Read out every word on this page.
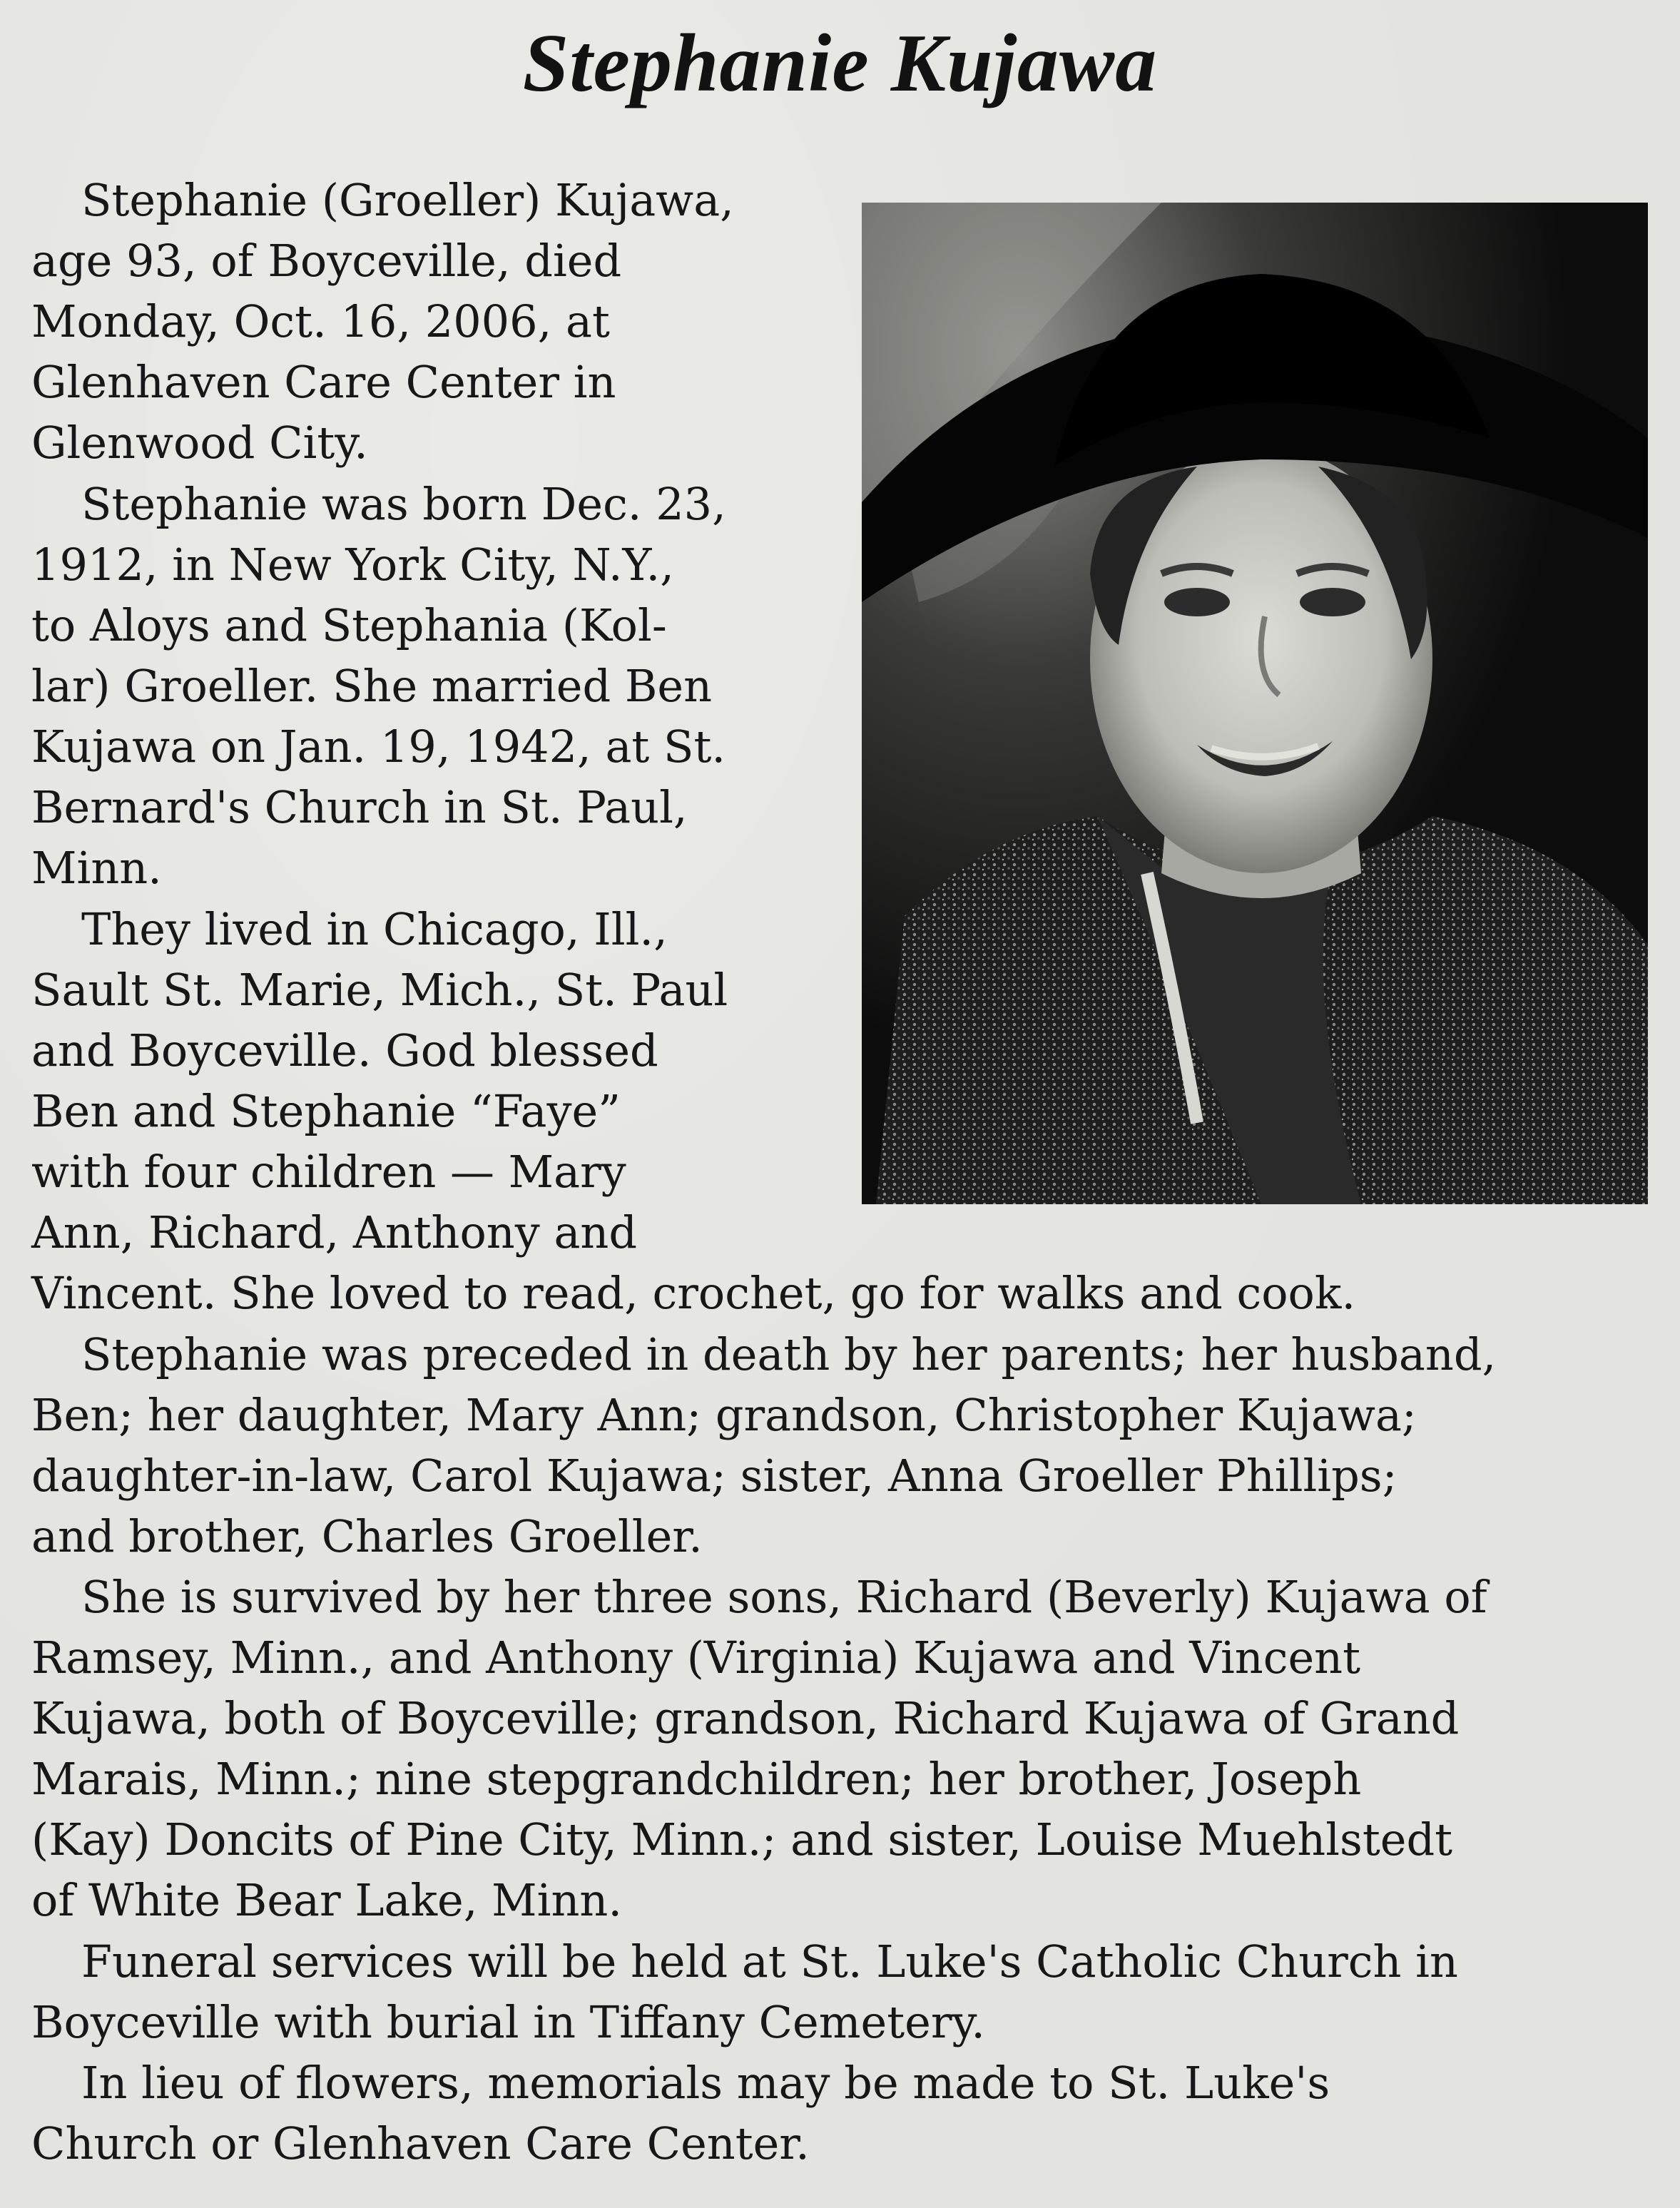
Stephanie Kujawa

Stephanie (Groeller) Kujawa,
age 93, of Boyceville, died
Monday, Oct. 16, 2006, at
Glenhaven Care Center in
Glenwood City.

Stephanie was born Dec. 23,
1912, in New York City, N.Y.,
to Aloys and Stephania (Kol-
lar) Groeller. She married Ben
Kujawa on Jan. 19, 1942, at St.
Bernard's Church in St. Paul,
Minn.

They lived in Chicago, Ill.,
Sault St. Marie, Mich., St. Paul
and Boyceville. God blessed
Ben and Stephanie “Faye”
with four children — Mary
Ann, Richard, Anthony and
Vincent. She loved to read, crochet, go for walks and cook.

Stephanie was preceded in death by her parents; her husband,
Ben; her daughter, Mary Ann; grandson, Christopher Kujawa;
daughter-in-law, Carol Kujawa; sister, Anna Groeller Phillips;
and brother, Charles Groeller.

She is survived by her three sons, Richard (Beverly) Kujawa of
Ramsey, Minn., and Anthony (Virginia) Kujawa and Vincent
Kujawa, both of Boyceville; grandson, Richard Kujawa of Grand
Marais, Minn.; nine stepgrandchildren; her brother, Joseph
(Kay) Doncits of Pine City, Minn.; and sister, Louise Muehlstedt
of White Bear Lake, Minn.

Funeral services will be held at St. Luke's Catholic Church in
Boyceville with burial in Tiffany Cemetery.

In lieu of flowers, memorials may be made to St. Luke's
Church or Glenhaven Care Center.
